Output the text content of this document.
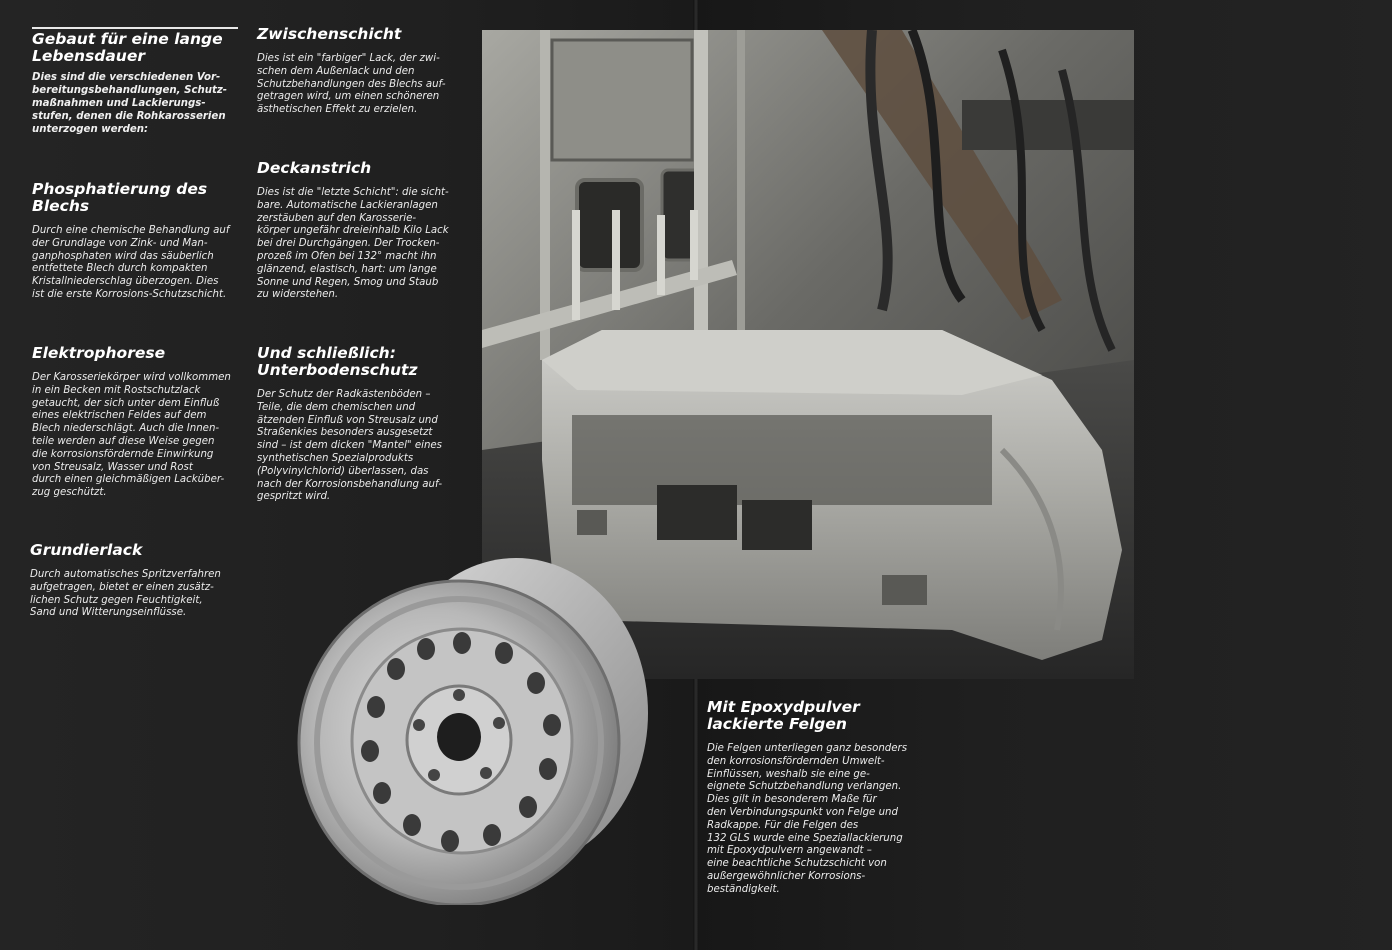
Gebaut für eine lange
Lebensdauer

Dies sind die verschiedenen Vor-
bereitungsbehandlungen, Schutz-
maßnahmen und Lackierungs-
stufen, denen die Rohkarosserien
unterzogen werden:

Phosphatierung des
Blechs

Durch eine chemische Behandlung auf
der Grundlage von Zink- und Man-
ganphosphaten wird das säuberlich
entfettete Blech durch kompakten
Kristallniederschlag überzogen. Dies
ist die erste Korrosions-Schutzschicht.

Elektrophorese

Der Karosseriekörper wird vollkommen
in ein Becken mit Rostschutzlack
getaucht, der sich unter dem Einfluß
eines elektrischen Feldes auf dem
Blech niederschlägt. Auch die Innen-
teile werden auf diese Weise gegen
die korrosionsfördernde Einwirkung
von Streusalz, Wasser und Rost
durch einen gleichmäßigen Lacküber-
zug geschützt.

Grundierlack

Durch automatisches Spritzverfahren
aufgetragen, bietet er einen zusätz-
lichen Schutz gegen Feuchtigkeit,
Sand und Witterungseinflüsse.

Zwischenschicht

Dies ist ein "farbiger" Lack, der zwi-
schen dem Außenlack und den
Schutzbehandlungen des Blechs auf-
getragen wird, um einen schöneren
ästhetischen Effekt zu erzielen.

Deckanstrich

Dies ist die "letzte Schicht": die sicht-
bare. Automatische Lackieranlagen
zerstäuben auf den Karosserie-
körper ungefähr dreieinhalb Kilo Lack
bei drei Durchgängen. Der Trocken-
prozeß im Ofen bei 132° macht ihn
glänzend, elastisch, hart: um lange
Sonne und Regen, Smog und Staub
zu widerstehen.

Und schließlich:
Unterbodenschutz

Der Schutz der Radkästenböden –
Teile, die dem chemischen und
ätzenden Einfluß von Streusalz und
Straßenkies besonders ausgesetzt
sind – ist dem dicken "Mantel" eines
synthetischen Spezialprodukts
(Polyvinylchlorid) überlassen, das
nach der Korrosionsbehandlung auf-
gespritzt wird.

Mit Epoxydpulver
lackierte Felgen

Die Felgen unterliegen ganz besonders
den korrosionsfördernden Umwelt-
Einflüssen, weshalb sie eine ge-
eignete Schutzbehandlung verlangen.
Dies gilt in besonderem Maße für
den Verbindungspunkt von Felge und
Radkappe. Für die Felgen des
132 GLS wurde eine Speziallackierung
mit Epoxydpulvern angewandt –
eine beachtliche Schutzschicht von
außergewöhnlicher Korrosions-
beständigkeit.
